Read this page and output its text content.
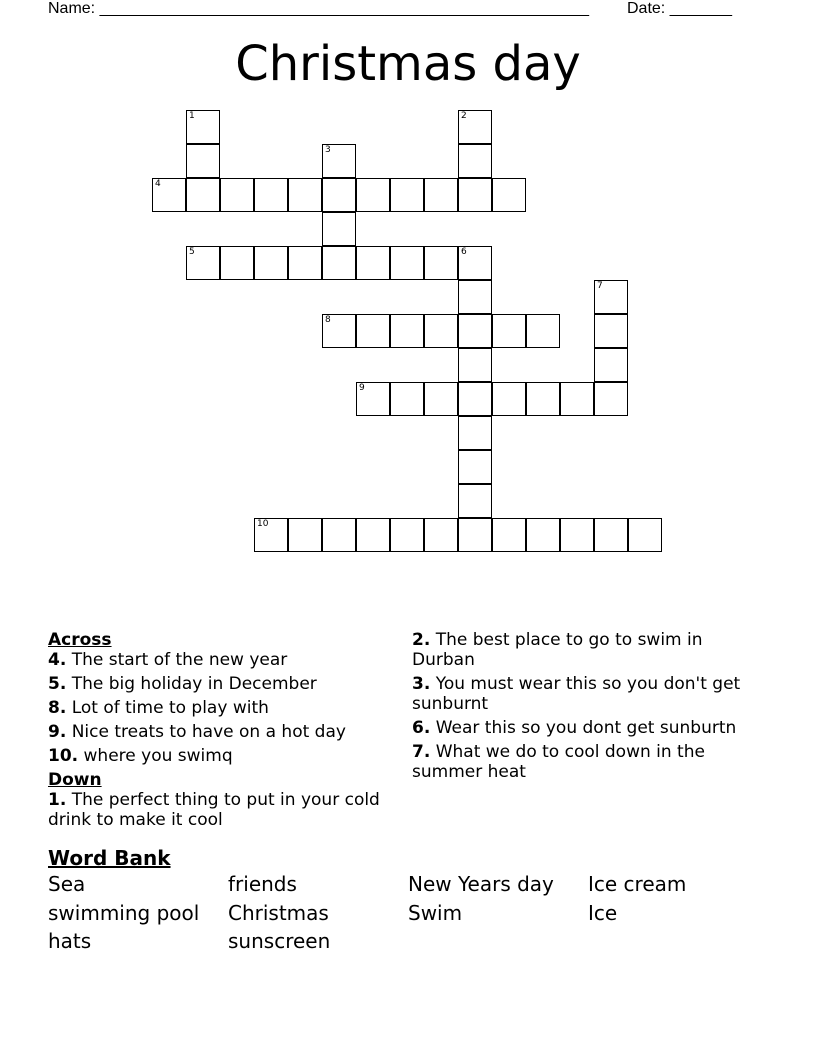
Name: _______________________________________________________ Date: _______
Christmas day
1	2
3
4
5	6
7
8
9
10
Across
4. The start of the new year
5. The big holiday in December
8. Lot of time to play with
9. Nice treats to have on a hot day
10. where you swimq
Down
1. The perfect thing to put in your cold drink to make it cool
2. The best place to go to swim in Durban
3. You must wear this so you don't get sunburnt
6. Wear this so you dont get sunburtn
7. What we do to cool down in the summer heat
Word Bank
Sea	friends	New Years day	Ice cream
swimming pool	Christmas	Swim	Ice
hats	sunscreen
